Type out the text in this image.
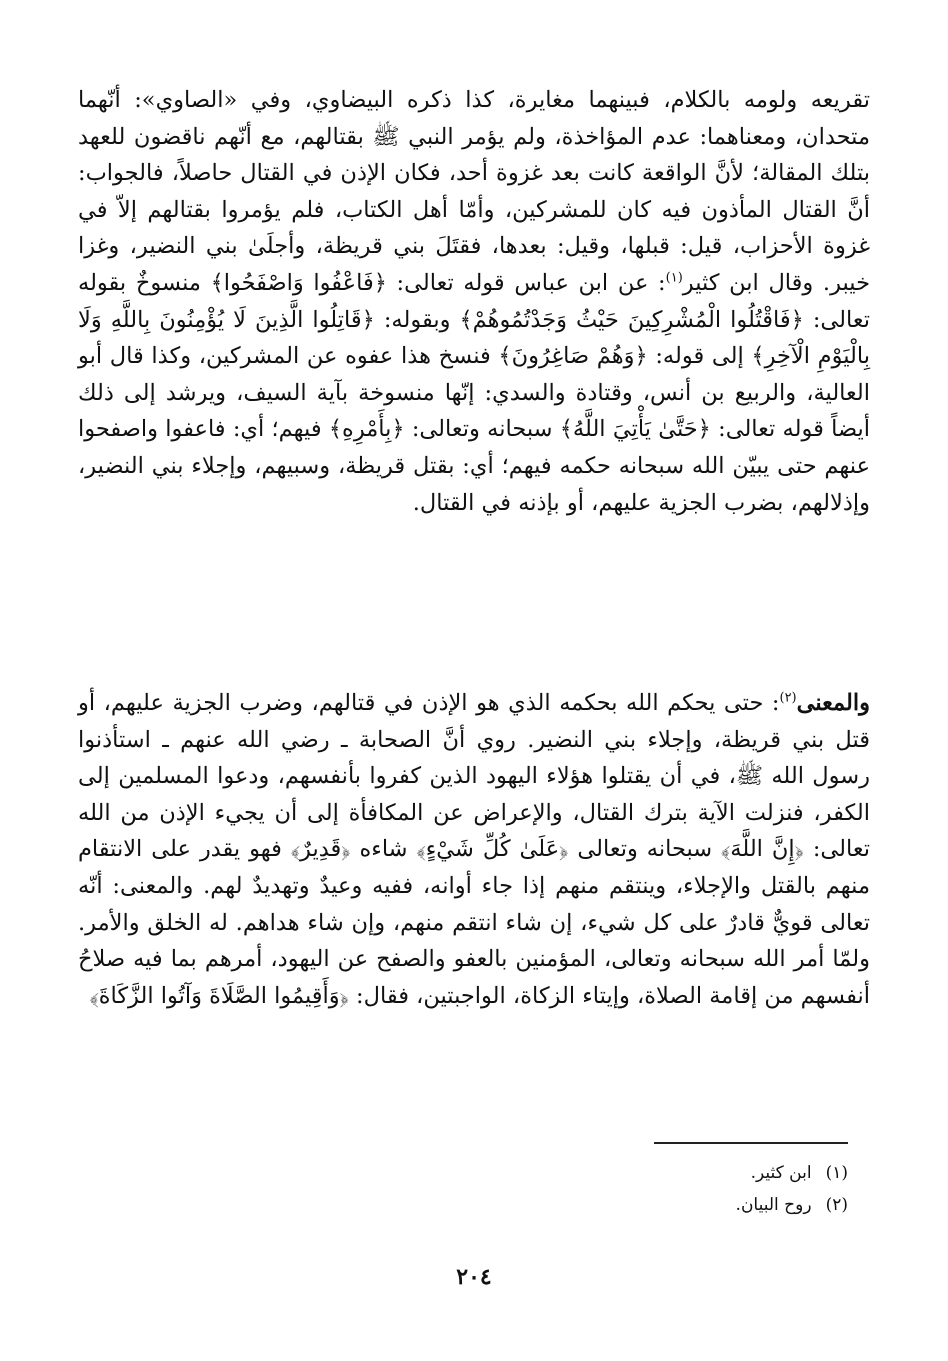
تقريعه ولومه بالكلام، فبينهما مغايرة، كذا ذكره البيضاوي، وفي «الصاوي»: أنّهما متحدان، ومعناهما: عدم المؤاخذة، ولم يؤمر النبي ﷺ بقتالهم، مع أنّهم ناقضون للعهد بتلك المقالة؛ لأنَّ الواقعة كانت بعد غزوة أحد، فكان الإذن في القتال حاصلاً، فالجواب: أنَّ القتال المأذون فيه كان للمشركين، وأمّا أهل الكتاب، فلم يؤمروا بقتالهم إلاّ في غزوة الأحزاب، قيل: قبلها، وقيل: بعدها، فقتَلَ بني قريظة، وأجلَىٰ بني النضير، وغزا خيبر. وقال ابن كثير$^{(١)}$: عن ابن عباس قوله تعالى: ﴿فَاعْفُوا وَاصْفَحُوا﴾ منسوخٌ بقوله تعالى: ﴿فَاقْتُلُوا الْمُشْرِكِينَ حَيْثُ وَجَدْتُمُوهُمْ﴾ وبقوله: ﴿قَاتِلُوا الَّذِينَ لَا يُؤْمِنُونَ بِاللَّهِ وَلَا بِالْيَوْمِ الْآخِرِ﴾ إلى قوله: ﴿وَهُمْ صَاغِرُونَ﴾ فنسخ هذا عفوه عن المشركين، وكذا قال أبو العالية، والربيع بن أنس، وقتادة والسدي: إنّها منسوخة بآية السيف، ويرشد إلى ذلك أيضاً قوله تعالى: ﴿حَتَّىٰ يَأْتِيَ اللَّهُ﴾ سبحانه وتعالى: ﴿بِأَمْرِهِ﴾ فيهم؛ أي: فاعفوا واصفحوا عنهم حتى يبيّن الله سبحانه حكمه فيهم؛ أي: بقتل قريظة، وسبيهم، وإجلاء بني النضير، وإذلالهم، بضرب الجزية عليهم، أو بإذنه في القتال.

والمعنى$^{(٢)}$: حتى يحكم الله بحكمه الذي هو الإذن في قتالهم، وضرب الجزية عليهم، أو قتل بني قريظة، وإجلاء بني النضير. روي أنَّ الصحابة ـ رضي الله عنهم ـ استأذنوا رسول الله ﷺ، في أن يقتلوا هؤلاء اليهود الذين كفروا بأنفسهم، ودعوا المسلمين إلى الكفر، فنزلت الآية بترك القتال، والإعراض عن المكافأة إلى أن يجيء الإذن من الله تعالى: ﴿إِنَّ اللَّهَ﴾ سبحانه وتعالى ﴿عَلَىٰ كُلِّ شَيْءٍ﴾ شاءه ﴿قَدِيرٌ﴾ فهو يقدر على الانتقام منهم بالقتل والإجلاء، وينتقم منهم إذا جاء أوانه، ففيه وعيدٌ وتهديدٌ لهم. والمعنى: أنّه تعالى قويٌّ قادرٌ على كل شيء، إن شاء انتقم منهم، وإن شاء هداهم. له الخلق والأمر. ولمّا أمر الله سبحانه وتعالى، المؤمنين بالعفو والصفح عن اليهود، أمرهم بما فيه صلاحُ أنفسهم من إقامة الصلاة، وإيتاء الزكاة، الواجبتين، فقال: ﴿وَأَقِيمُوا الصَّلَاةَ وَآتُوا الزَّكَاةَ﴾

(١)ابن كثير.
(٢)روح البيان.
٢٠٤
